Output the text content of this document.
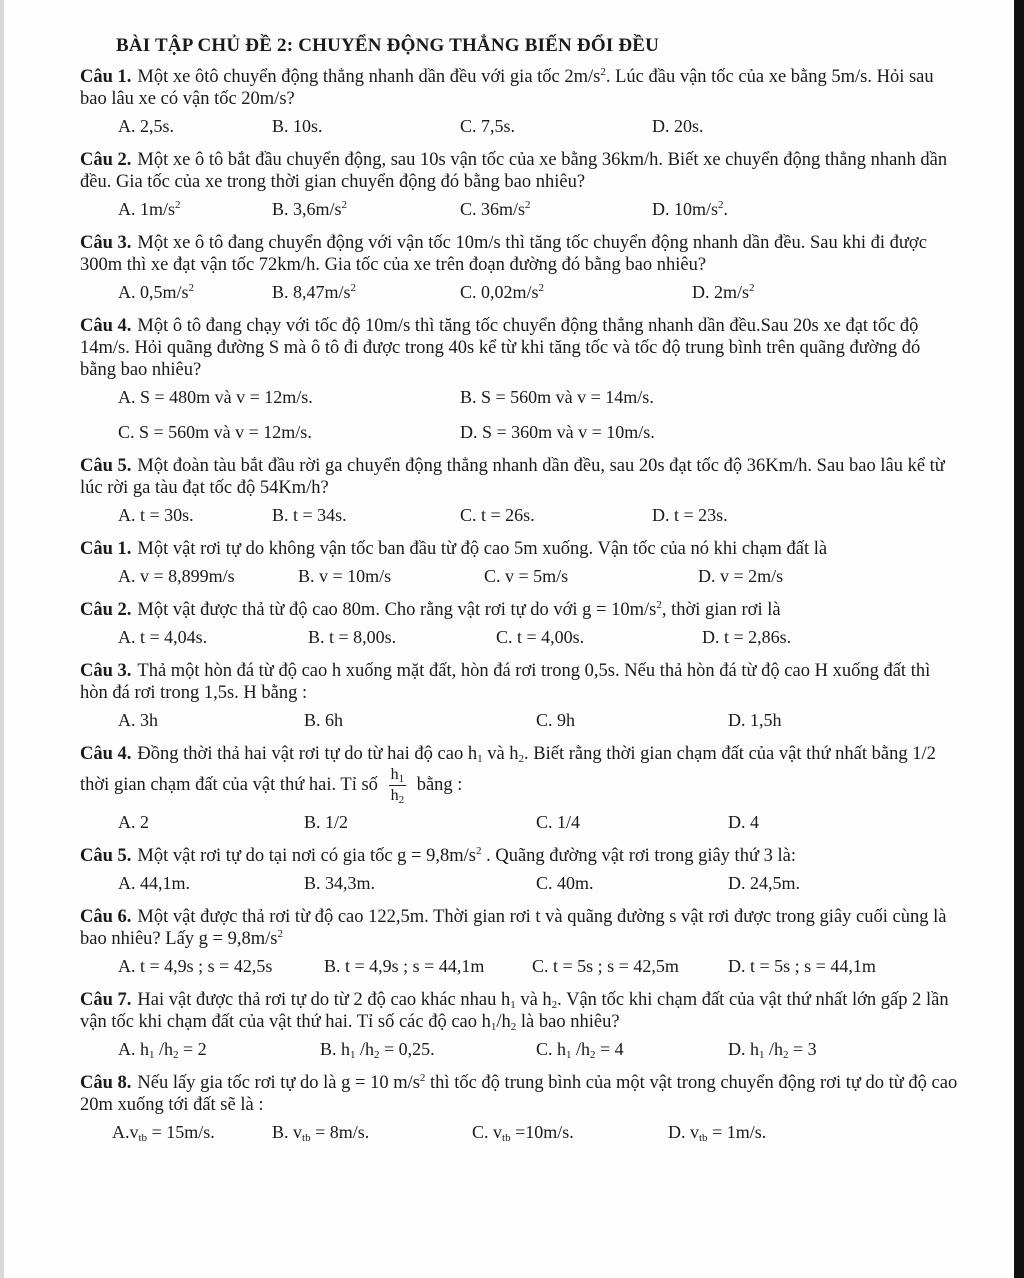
BÀI TẬP CHỦ ĐỀ 2: CHUYỂN ĐỘNG THẲNG BIẾN ĐỔI ĐỀU
Câu 1. Một xe ôtô chuyển động thẳng nhanh dần đều với gia tốc $2m/s^2$. Lúc đầu vận tốc của xe bằng 5m/s. Hỏi sau bao lâu xe có vận tốc 20m/s?
A. 2,5s.	B. 10s.	C. 7,5s.	D. 20s.
Câu 2. Một xe ô tô bắt đầu chuyển động, sau 10s vận tốc của xe bằng 36km/h. Biết xe chuyển động thẳng nhanh dần đều. Gia tốc của xe trong thời gian chuyển động đó bằng bao nhiêu?
A. $1m/s^2$	B. $3,6m/s^2$	C. $36m/s^2$	D. $10m/s^2$.
Câu 3. Một xe ô tô đang chuyển động với vận tốc 10m/s thì tăng tốc chuyển động nhanh dần đều. Sau khi đi được 300m thì xe đạt vận tốc 72km/h. Gia tốc của xe trên đoạn đường đó bằng bao nhiêu?
A. $0,5m/s^2$	B. $8,47m/s^2$	C. $0,02m/s^2$	D. $2m/s^2$
Câu 4. Một ô tô đang chạy với tốc độ 10m/s thì tăng tốc chuyển động thẳng nhanh dần đều.Sau 20s xe đạt tốc độ 14m/s. Hỏi quãng đường S mà ô tô đi được trong 40s kể từ khi tăng tốc và tốc độ trung bình trên quãng đường đó bằng bao nhiêu?
A. S = 480m và v = 12m/s.	B. S = 560m và v = 14m/s.
C. S = 560m và v = 12m/s.	D. S = 360m và v = 10m/s.
Câu 5. Một đoàn tàu bắt đầu rời ga chuyển động thẳng nhanh dần đều, sau 20s đạt tốc độ 36Km/h. Sau bao lâu kể từ lúc rời ga tàu đạt tốc độ 54Km/h?
A. t = 30s.	B. t = 34s.	C. t = 26s.	D. t = 23s.
Câu 1. Một vật rơi tự do không vận tốc ban đầu từ độ cao 5m xuống. Vận tốc của nó khi chạm đất là
A. v = 8,899m/s	B. v = 10m/s	C. v = 5m/s	D. v = 2m/s
Câu 2. Một vật được thả từ độ cao 80m. Cho rằng vật rơi tự do với $g = 10m/s^2$, thời gian rơi là
A. t = 4,04s.	B. t = 8,00s.	C. t = 4,00s.	D. t = 2,86s.
Câu 3. Thả một hòn đá từ độ cao h xuống mặt đất, hòn đá rơi trong 0,5s. Nếu thả hòn đá từ độ cao H xuống đất thì hòn đá rơi trong 1,5s. H bằng :
A. 3h	B. 6h	C. 9h	D. 1,5h
Câu 4. Đồng thời thả hai vật rơi tự do từ hai độ cao $h_1$ và $h_2$. Biết rằng thời gian chạm đất của vật thứ nhất bằng 1/2 thời gian chạm đất của vật thứ hai. Tỉ số $\frac{h_1}{h_2}$ bằng :
A. 2	B. 1/2	C. 1/4	D. 4
Câu 5. Một vật rơi tự do tại nơi có gia tốc $g = 9,8m/s^2$ . Quãng đường vật rơi trong giây thứ 3 là:
A. 44,1m.	B. 34,3m.	C. 40m.	D. 24,5m.
Câu 6. Một vật được thả rơi từ độ cao 122,5m. Thời gian rơi t và quãng đường s vật rơi được trong giây cuối cùng là bao nhiêu? Lấy $g = 9,8m/s^2$
A. t = 4,9s ; s = 42,5s	B. t = 4,9s ; s = 44,1m	C. t = 5s ; s = 42,5m	D. t = 5s ; s = 44,1m
Câu 7. Hai vật được thả rơi tự do từ 2 độ cao khác nhau $h_1$ và $h_2$. Vận tốc khi chạm đất của vật thứ nhất lớn gấp 2 lần vận tốc khi chạm đất của vật thứ hai. Tỉ số các độ cao $h_1/h_2$ là bao nhiêu?
A. $h_1$ $/h_2 = 2$	B. $h_1$ $/h_2 = 0,25$.	C. $h_1$ $/h_2 = 4$	D. $h_1$ $/h_2 = 3$
Câu 8. Nếu lấy gia tốc rơi tự do là g = 10 $m/s^2$ thì tốc độ trung bình của một vật trong chuyển động rơi tự do từ độ cao 20m xuống tới đất sẽ là :
$A.v_{tb} = 15m/s$.	B. $v_{tb} = 8m/s$.	C. $v_{tb} =10m/s$.	D. $v_{tb} = 1m/s$.
